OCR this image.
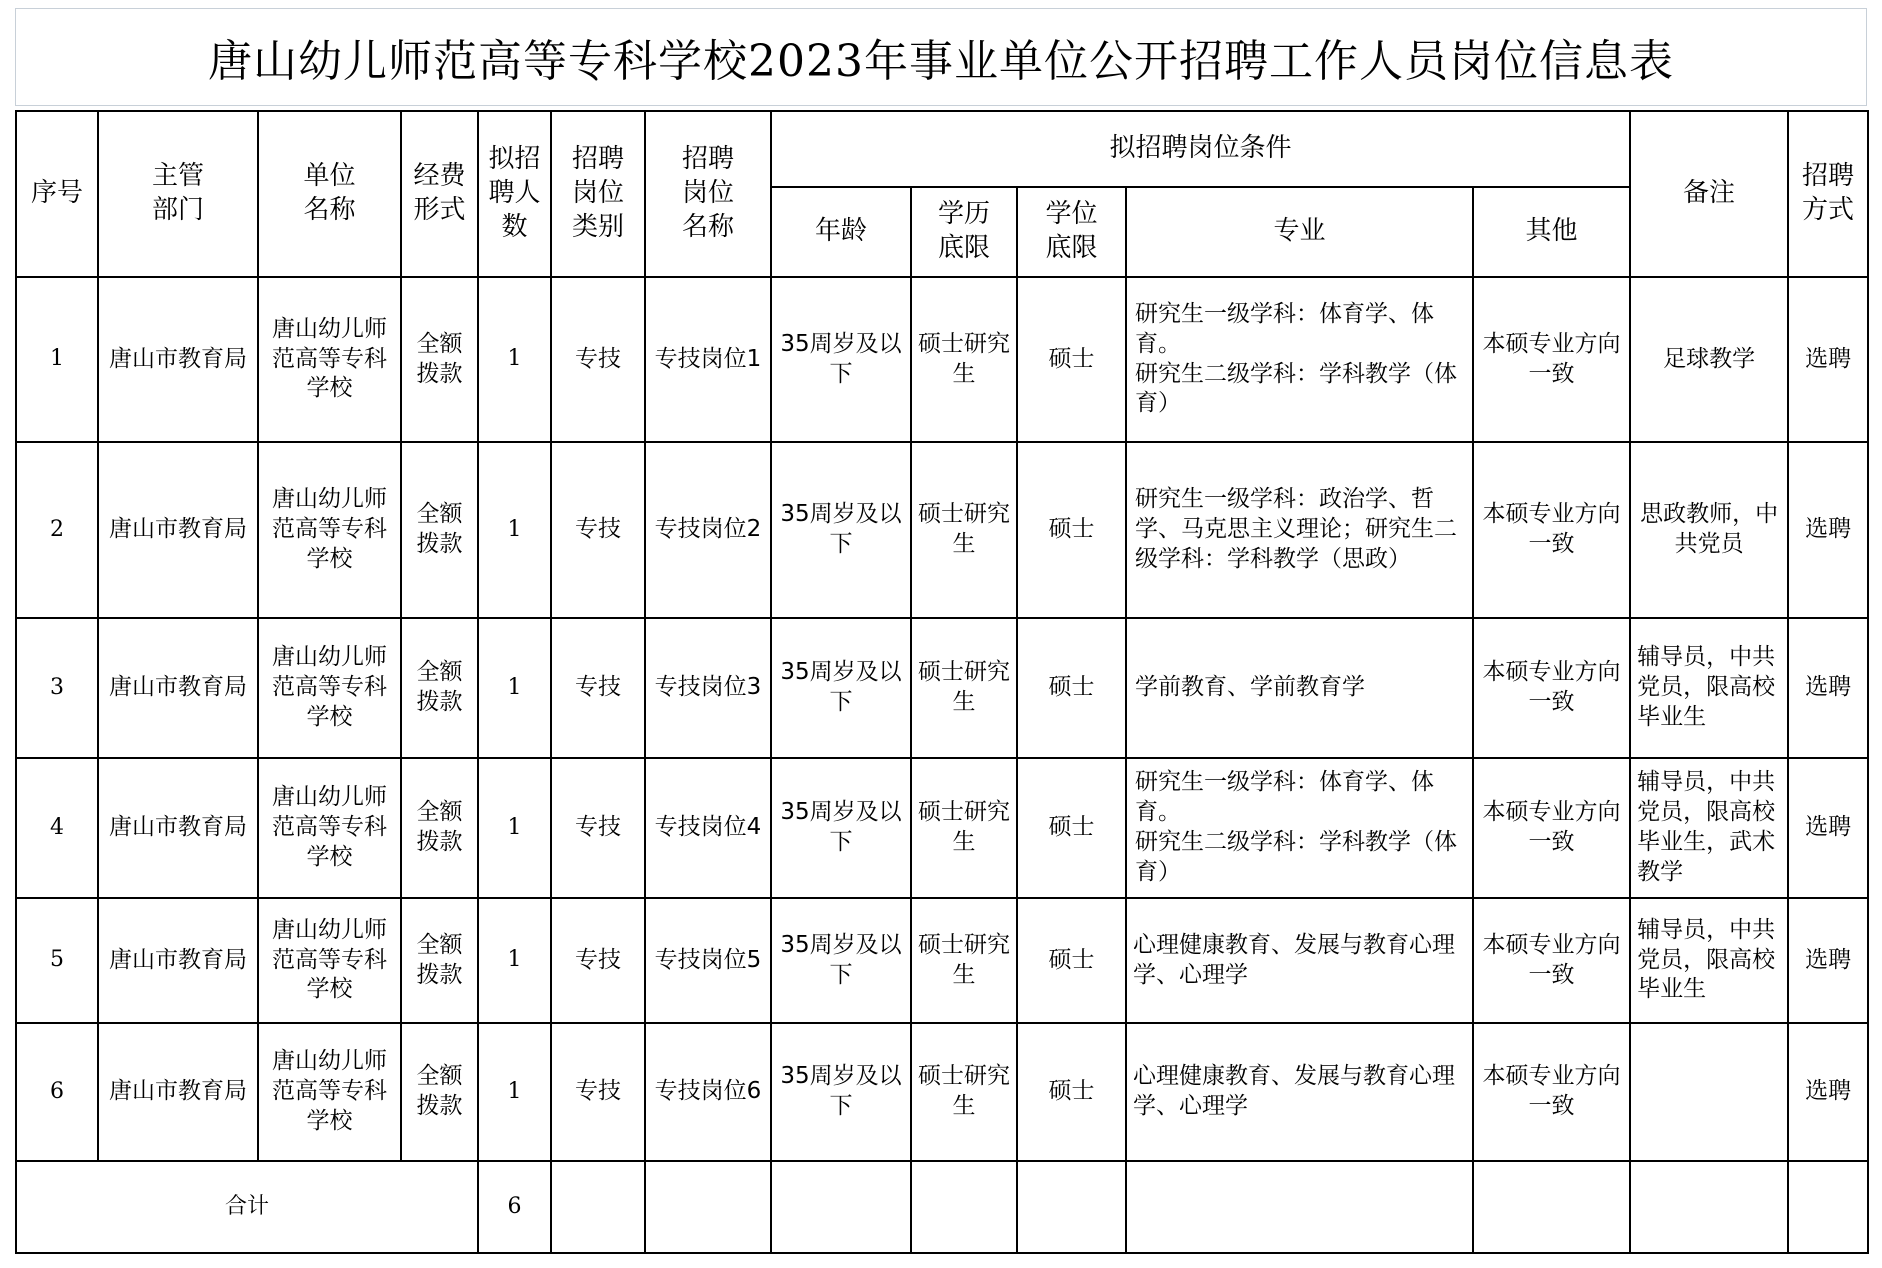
唐山幼儿师范高等专科学校2023年事业单位公开招聘工作人员岗位信息表
序号	主管部门	单位名称	经费形式	拟招聘人数	招聘岗位类别	招聘岗位名称	拟招聘岗位条件					备注	招聘方式

							年龄	学历底限	学位底限	专业	其他		
1	唐山市教育局	唐山幼儿师范高等专科学校	全额拨款	1	专技	专技岗位1	35周岁及以下	硕士研究生	硕士	研究生一级学科：体育学、体育。
研究生二级学科：学科教学（体育）	本硕专业方向一致	足球教学	选聘
2	唐山市教育局	唐山幼儿师范高等专科学校	全额拨款	1	专技	专技岗位2	35周岁及以下	硕士研究生	硕士	研究生一级学科：政治学、哲学、马克思主义理论；研究生二级学科：学科教学（思政）	本硕专业方向一致	思政教师，中共党员	选聘
3	唐山市教育局	唐山幼儿师范高等专科学校	全额拨款	1	专技	专技岗位3	35周岁及以下	硕士研究生	硕士	学前教育、学前教育学	本硕专业方向一致	辅导员，中共党员，限高校毕业生	选聘
4	唐山市教育局	唐山幼儿师范高等专科学校	全额拨款	1	专技	专技岗位4	35周岁及以下	硕士研究生	硕士	研究生一级学科：体育学、体育。
研究生二级学科：学科教学（体育）	本硕专业方向一致	辅导员，中共党员，限高校毕业生，武术教学	选聘
5	唐山市教育局	唐山幼儿师范高等专科学校	全额拨款	1	专技	专技岗位5	35周岁及以下	硕士研究生	硕士	心理健康教育、发展与教育心理学、心理学	本硕专业方向一致	辅导员，中共党员，限高校毕业生	选聘
6	唐山市教育局	唐山幼儿师范高等专科学校	全额拨款	1	专技	专技岗位6	35周岁及以下	硕士研究生	硕士	心理健康教育、发展与教育心理学、心理学	本硕专业方向一致		选聘
合计				6									
